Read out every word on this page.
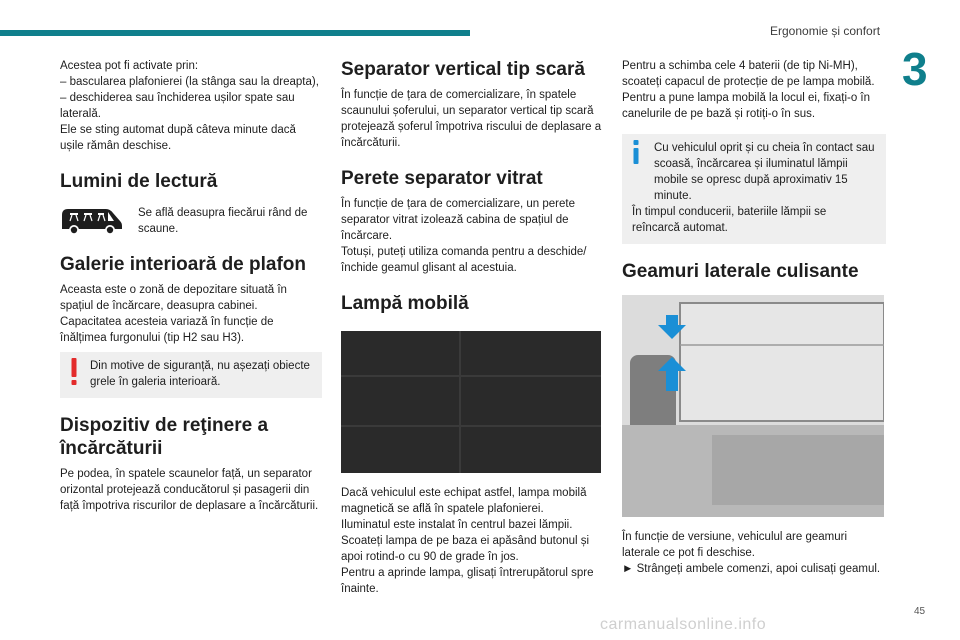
Ergonomie și confort
3

Acestea pot fi activate prin:

– bascularea plafonierei (la stânga sau la dreapta),

– deschiderea sau închiderea ușilor spate sau laterală.

Ele se sting automat după câteva minute dacă ușile rămân deschise.

Lumini de lectură

Se află deasupra fiecărui rând de scaune.

Galerie interioară de plafon

Aceasta este o zonă de depozitare situată în spațiul de încărcare, deasupra cabinei. Capacitatea acesteia variază în funcție de înălțimea furgonului (tip H2 sau H3).

Din motive de siguranță, nu așezați obiecte grele în galeria interioară.

Dispozitiv de reţinere a încărcăturii

Pe podea, în spatele scaunelor față, un separator orizontal protejează conducătorul și pasagerii din față împotriva riscurilor de deplasare a încărcăturii.

Separator vertical tip scară

În funcție de țara de comercializare, în spatele scaunului șoferului, un separator vertical tip scară protejează șoferul împotriva riscului de deplasare a încărcăturii.

Perete separator vitrat

În funcție de țara de comercializare, un perete separator vitrat izolează cabina de spațiul de încărcare.

Totuși, puteți utiliza comanda pentru a deschide/închide geamul glisant al acestuia.

Lampă mobilă

Dacă vehiculul este echipat astfel, lampa mobilă magnetică se află în spatele plafonierei.

Iluminatul este instalat în centrul bazei lămpii.

Scoateți lampa de pe baza ei apăsând butonul și apoi rotind-o cu 90 de grade în jos.

Pentru a aprinde lampa, glisați întrerupătorul spre înainte.

Pentru a schimba cele 4 baterii (de tip Ni-MH), scoateți capacul de protecție de pe lampa mobilă.

Pentru a pune lampa mobilă la locul ei, fixați-o în canelurile de pe bază și rotiți-o în sus.

Cu vehiculul oprit și cu cheia în contact sau scoasă, încărcarea și iluminatul lămpii mobile se opresc după aproximativ 15 minute.

În timpul conducerii, bateriile lămpii se reîncarcă automat.

Geamuri laterale culisante

În funcție de versiune, vehiculul are geamuri laterale ce pot fi deschise.

► Strângeți ambele comenzi, apoi culisați geamul.

45
carmanualsonline.info
